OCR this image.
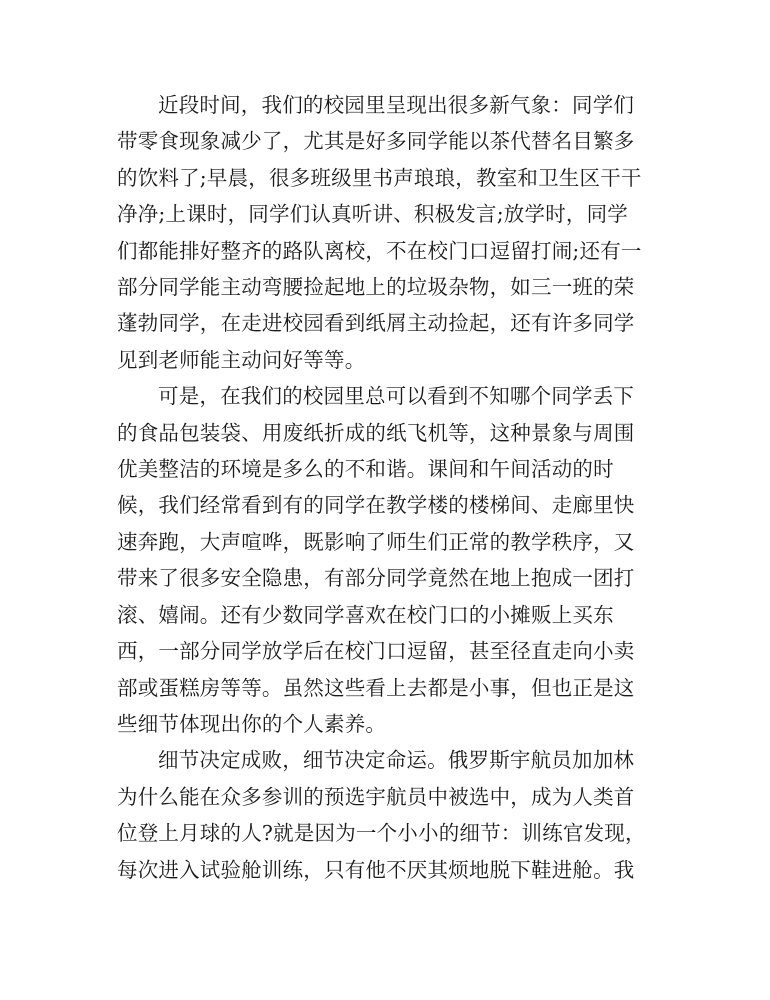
近段时间，我们的校园里呈现出很多新气象：同学们
带零食现象减少了，尤其是好多同学能以茶代替名目繁多
的饮料了;早晨，很多班级里书声琅琅，教室和卫生区干干
净净;上课时，同学们认真听讲、积极发言;放学时，同学
们都能排好整齐的路队离校，不在校门口逗留打闹;还有一
部分同学能主动弯腰捡起地上的垃圾杂物，如三一班的荣
蓬勃同学，在走进校园看到纸屑主动捡起，还有许多同学
见到老师能主动问好等等。

可是，在我们的校园里总可以看到不知哪个同学丢下
的食品包装袋、用废纸折成的纸飞机等，这种景象与周围
优美整洁的环境是多么的不和谐。课间和午间活动的时
候，我们经常看到有的同学在教学楼的楼梯间、走廊里快
速奔跑，大声喧哗，既影响了师生们正常的教学秩序，又
带来了很多安全隐患，有部分同学竟然在地上抱成一团打
滚、嬉闹。还有少数同学喜欢在校门口的小摊贩上买东
西，一部分同学放学后在校门口逗留，甚至径直走向小卖
部或蛋糕房等等。虽然这些看上去都是小事，但也正是这
些细节体现出你的个人素养。

细节决定成败，细节决定命运。俄罗斯宇航员加加林
为什么能在众多参训的预选宇航员中被选中，成为人类首
位登上月球的人?就是因为一个小小的细节：训练官发现，
每次进入试验舱训练，只有他不厌其烦地脱下鞋进舱。我
